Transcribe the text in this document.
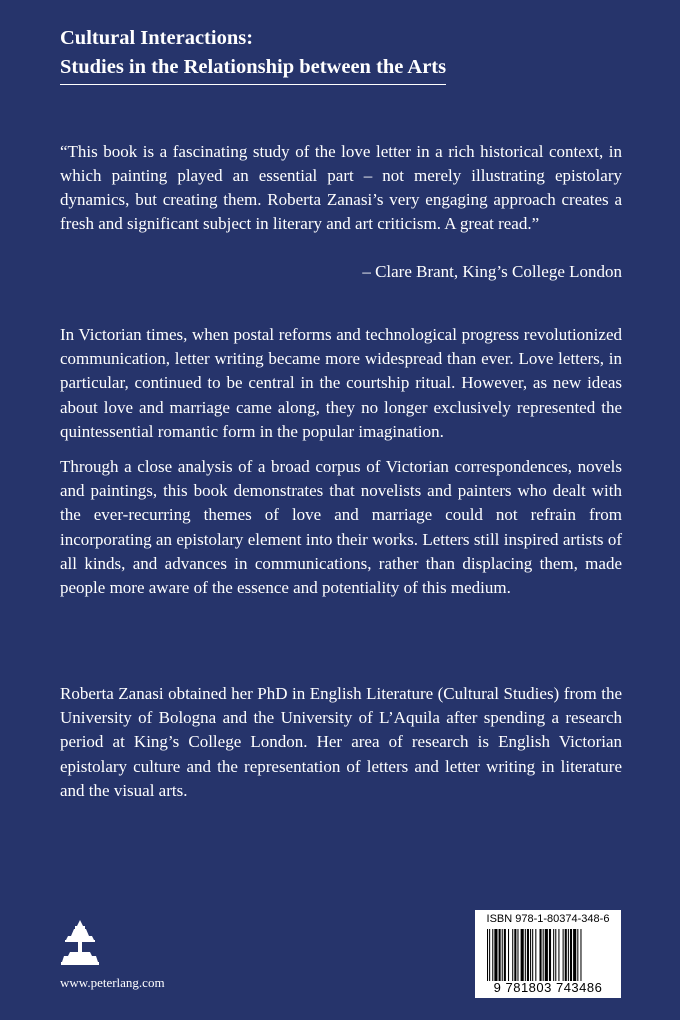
Cultural Interactions:
Studies in the Relationship between the Arts
“This book is a fascinating study of the love letter in a rich historical context, in which painting played an essential part – not merely illustrating epistolary dynamics, but creating them. Roberta Zanasi’s very engaging approach creates a fresh and significant subject in literary and art criticism. A great read.”
– Clare Brant, King’s College London

In Victorian times, when postal reforms and technological progress revolutionized communication, letter writing became more widespread than ever. Love letters, in particular, continued to be central in the courtship ritual. However, as new ideas about love and marriage came along, they no longer exclusively represented the quintessential romantic form in the popular imagination.

Through a close analysis of a broad corpus of Victorian correspondences, novels and paintings, this book demonstrates that novelists and painters who dealt with the ever-recurring themes of love and marriage could not refrain from incorporating an epistolary element into their works. Letters still inspired artists of all kinds, and advances in communications, rather than displacing them, made people more aware of the essence and potentiality of this medium.

Roberta Zanasi obtained her PhD in English Literature (Cultural Studies) from the University of Bologna and the University of L’Aquila after spending a research period at King’s College London. Her area of research is English Victorian epistolary culture and the representation of letters and letter writing in literature and the visual arts.
www.peterlang.com
ISBN 978-1-80374-348-6
9 781803 743486
